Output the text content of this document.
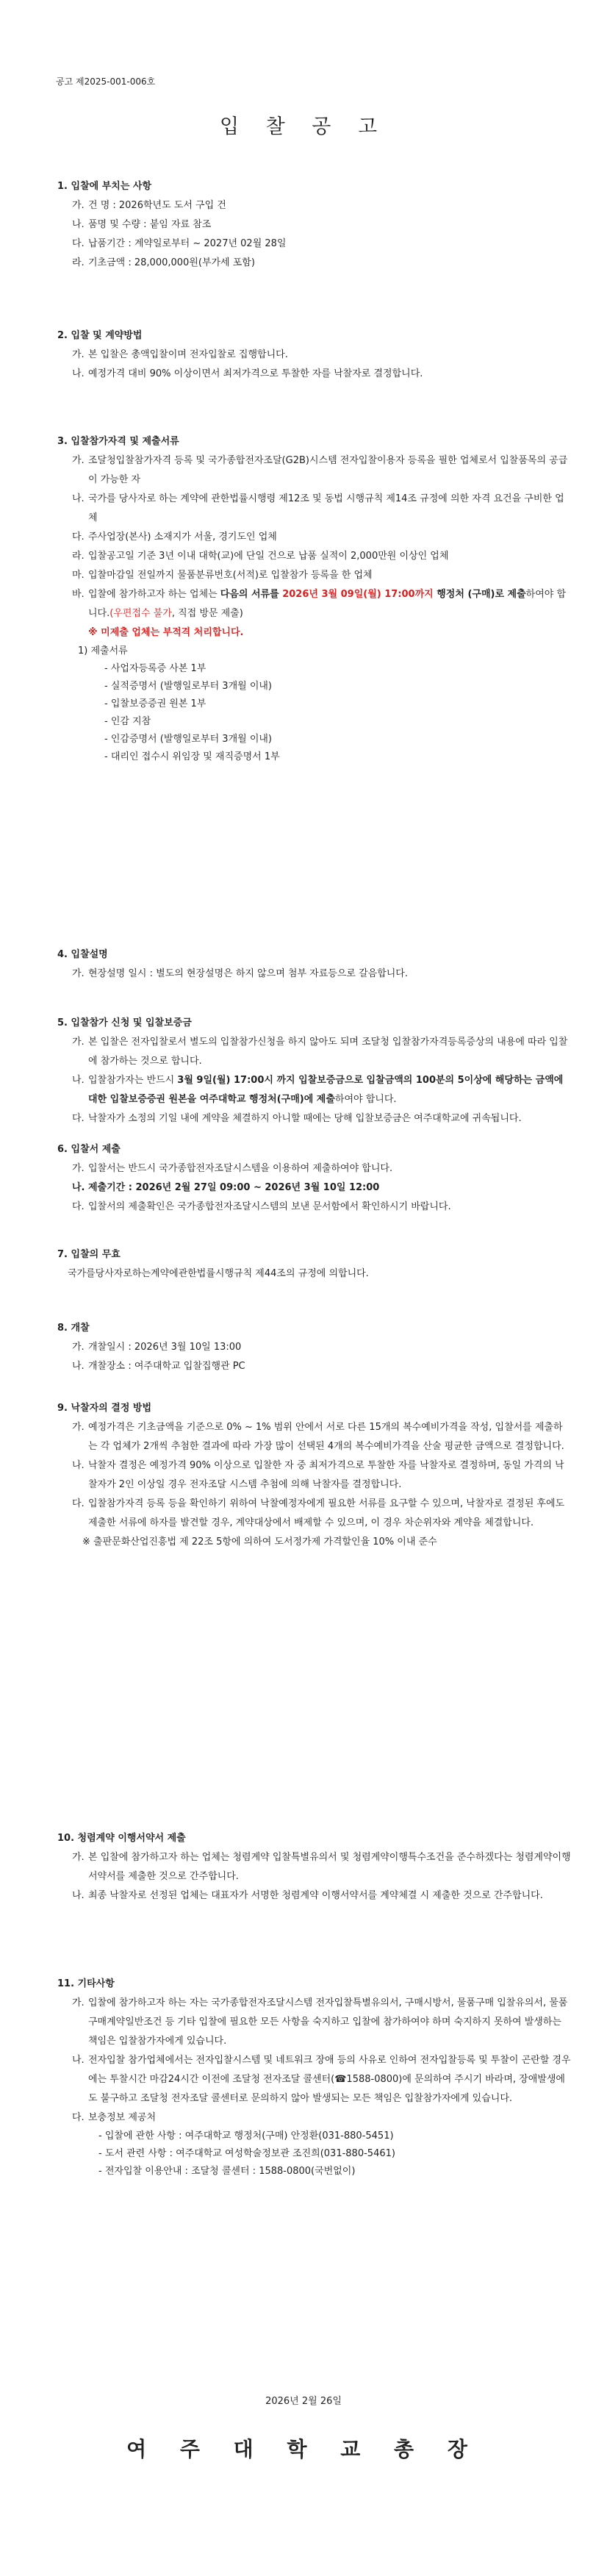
공고 제2025-001-006호
입 찰 공 고
1. 입찰에 부치는 사항
가. 건 명 : 2026학년도 도서 구입 건
나. 품명 및 수량 : 붙임 자료 참조
다. 납품기간 : 계약일로부터 ~ 2027년 02월 28일
라. 기초금액 : 28,000,000원(부가세 포함)
2. 입찰 및 계약방법
가. 본 입찰은 총액입찰이며 전자입찰로 집행합니다.
나. 예정가격 대비 90% 이상이면서 최저가격으로 투찰한 자를 낙찰자로 결정합니다.
3. 입찰참가자격 및 제출서류
가. 조달청입찰참가자격 등록 및 국가종합전자조달(G2B)시스템 전자입찰이용자 등록을 필한 업체로서 입찰품목의 공급이 가능한 자
나. 국가를 당사자로 하는 계약에 관한법률시행령 제12조 및 동법 시행규칙 제14조 규정에 의한 자격 요건을 구비한 업체
다. 주사업장(본사) 소재지가 서울, 경기도인 업체
라. 입찰공고일 기준 3년 이내 대학(교)에 단일 건으로 납품 실적이 2,000만원 이상인 업체
마. 입찰마감일 전일까지 물품분류번호(서적)로 입찰참가 등록을 한 업체
바. 입찰에 참가하고자 하는 업체는 다음의 서류를 2026년 3월 09일(월) 17:00까지 행정처 (구매)로 제출하여야 합니다.(우편접수 불가, 직접 방문 제출)
※ 미제출 업체는 부적격 처리합니다.
1) 제출서류
- 사업자등록증 사본 1부
- 실적증명서 (발행일로부터 3개월 이내)
- 입찰보증증권 원본 1부
- 인감 지참
- 인감증명서 (발행일로부터 3개월 이내)
- 대리인 접수시 위임장 및 재직증명서 1부
4. 입찰설명
가. 현장설명 일시 : 별도의 현장설명은 하지 않으며 첨부 자료등으로 갈음합니다.
5. 입찰참가 신청 및 입찰보증금
가. 본 입찰은 전자입찰로서 별도의 입찰참가신청을 하지 않아도 되며 조달청 입찰참가자격등록증상의 내용에 따라 입찰에 참가하는 것으로 합니다.
나. 입찰참가자는 반드시 3월 9일(월) 17:00시 까지 입찰보증금으로 입찰금액의 100분의 5이상에 해당하는 금액에 대한 입찰보증증권 원본을 여주대학교 행정처(구매)에 제출하여야 합니다.
다. 낙찰자가 소정의 기일 내에 계약을 체결하지 아니할 때에는 당해 입찰보증금은 여주대학교에 귀속됩니다.
6. 입찰서 제출
가. 입찰서는 반드시 국가종합전자조달시스템을 이용하여 제출하여야 합니다.
나. 제출기간 : 2026년 2월 27일 09:00 ~ 2026년 3월 10일 12:00
다. 입찰서의 제출확인은 국가종합전자조달시스템의 보낸 문서함에서 확인하시기 바랍니다.
7. 입찰의 무효
국가를당사자로하는계약에관한법률시행규칙 제44조의 규정에 의합니다.
8. 개찰
가. 개찰일시 : 2026년 3월 10일 13:00
나. 개찰장소 : 여주대학교 입찰집행관 PC
9. 낙찰자의 결정 방법
가. 예정가격은 기초금액을 기준으로 0% ~ 1% 범위 안에서 서로 다른 15개의 복수예비가격을 작성, 입찰서를 제출하는 각 업체가 2개씩 추첨한 결과에 따라 가장 많이 선택된 4개의 복수예비가격을 산술 평균한 금액으로 결정합니다.
나. 낙찰자 결정은 예정가격 90% 이상으로 입찰한 자 중 최저가격으로 투찰한 자를 낙찰자로 결정하며, 동일 가격의 낙찰자가 2인 이상일 경우 전자조달 시스템 추첨에 의해 낙찰자를 결정합니다.
다. 입찰참가자격 등록 등을 확인하기 위하여 낙찰예정자에게 필요한 서류를 요구할 수 있으며, 낙찰자로 결정된 후에도 제출한 서류에 하자를 발견할 경우, 계약대상에서 배제할 수 있으며, 이 경우 차순위자와 계약을 체결합니다.
※ 출판문화산업진흥법 제 22조 5항에 의하여 도서정가제 가격할인율 10% 이내 준수
10. 청렴계약 이행서약서 제출
가. 본 입찰에 참가하고자 하는 업체는 청렴계약 입찰특별유의서 및 청렴계약이행특수조건을 준수하겠다는 청렴계약이행서약서를 제출한 것으로 간주합니다.
나. 최종 낙찰자로 선정된 업체는 대표자가 서명한 청렴계약 이행서약서를 계약체결 시 제출한 것으로 간주합니다.
11. 기타사항
가. 입찰에 참가하고자 하는 자는 국가종합전자조달시스템 전자입찰특별유의서, 구매시방서, 물품구매 입찰유의서, 물품구매계약일반조건 등 기타 입찰에 필요한 모든 사항을 숙지하고 입찰에 참가하여야 하며 숙지하지 못하여 발생하는 책임은 입찰참가자에게 있습니다.
나. 전자입찰 참가업체에서는 전자입찰시스템 및 네트워크 장애 등의 사유로 인하여 전자입찰등록 및 투찰이 곤란할 경우에는 투찰시간 마감24시간 이전에 조달청 전자조달 콜센터(☎1588-0800)에 문의하여 주시기 바라며, 장애발생에도 불구하고 조달청 전자조달 콜센터로 문의하지 않아 발생되는 모든 책임은 입찰참가자에게 있습니다.
다. 보충정보 제공처
- 입찰에 관한 사항 : 여주대학교 행정처(구매) 안정환(031-880-5451)
- 도서 관련 사항 : 여주대학교 여성학술정보관 조진희(031-880-5461)
- 전자입찰 이용안내 : 조달청 콜센터 : 1588-0800(국번없이)
2026년 2월 26일
여 주 대 학 교 총 장
